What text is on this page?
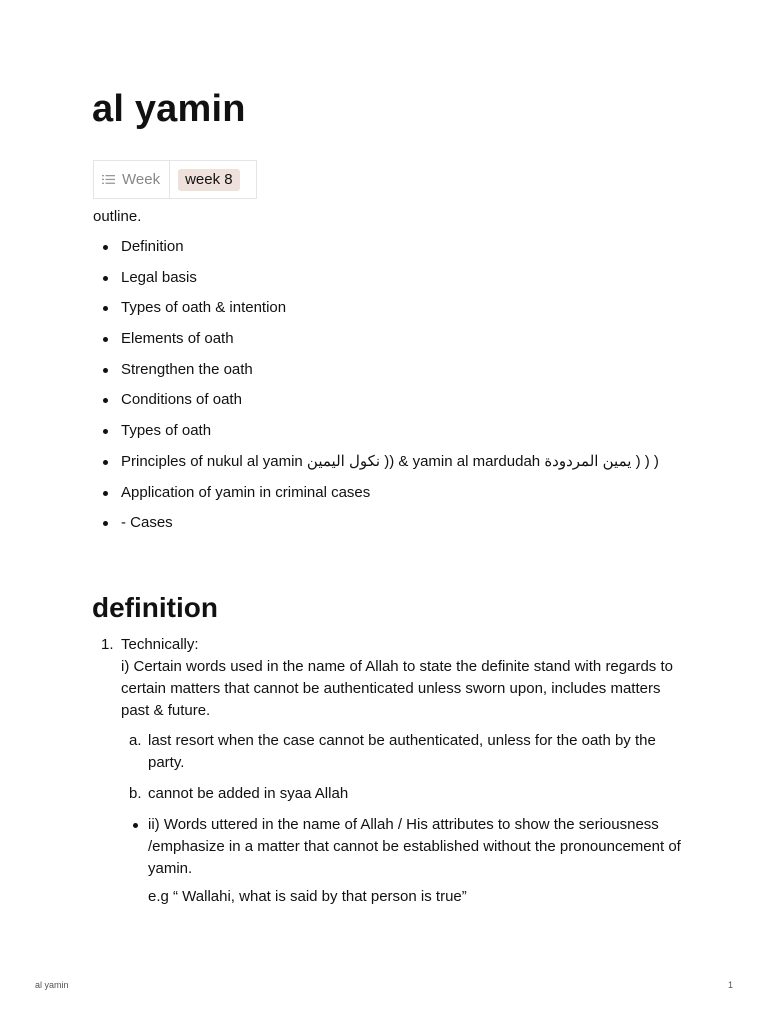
al yamin
Week	week 8

outline.

Definition
Legal basis
Types of oath & intention
Elements of oath
Strengthen the oath
Conditions of oath
Types of oath
Principles of nukul al yamin نكول اليمين )) & yamin al mardudah يمين المردودة ) ) )
Application of yamin in criminal cases
- Cases
definition
1. Technically:
i) Certain words used in the name of Allah to state the definite stand with regards to certain matters that cannot be authenticated unless sworn upon, includes matters past & future.
a. last resort when the case cannot be authenticated, unless for the oath by the party.
b. cannot be added in syaa Allah
ii) Words uttered in the name of Allah / His attributes to show the seriousness /emphasize in a matter that cannot be established without the pronouncement of yamin.
e.g “ Wallahi, what is said by that person is true”
al yamin	1
